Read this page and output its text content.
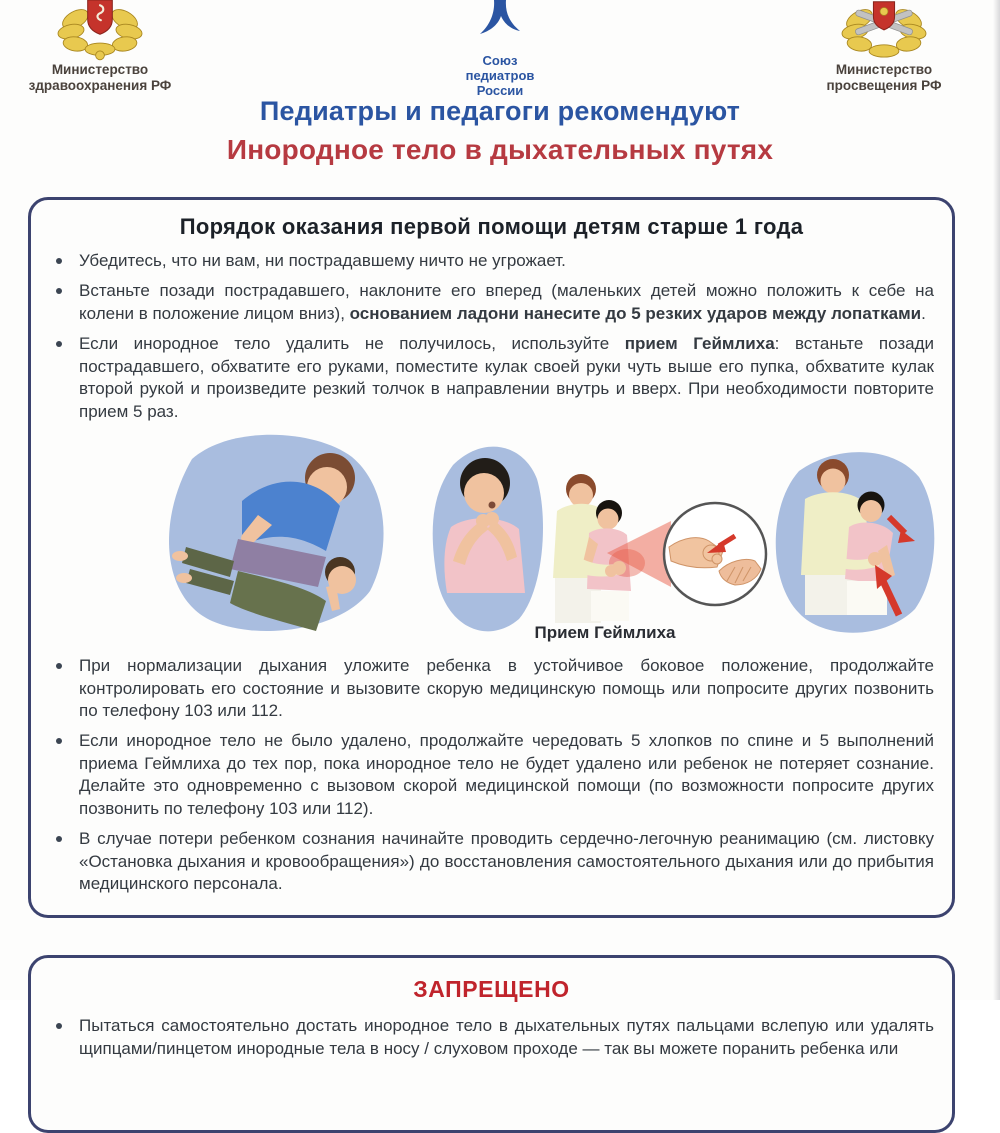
Министерство
здравоохранения РФ
Союз
педиатров
России
Министерство
просвещения РФ
Педиатры и педагоги рекомендуют
Инородное тело в дыхательных путях
Порядок оказания первой помощи детям старше 1 года
Убедитесь, что ни вам, ни пострадавшему ничто не угрожает.
Встаньте позади пострадавшего, наклоните его вперед (маленьких детей можно положить к себе на колени в положение лицом вниз), основанием ладони нанесите до 5 резких ударов между лопатками.
Если инородное тело удалить не получилось, используйте прием Геймлиха: встаньте позади пострадавшего, обхватите его руками, поместите кулак своей руки чуть выше его пупка, обхватите кулак второй рукой и произведите резкий толчок в направлении внутрь и вверх. При необходимости повторите прием 5 раз.
Прием Геймлиха
При нормализации дыхания уложите ребенка в устойчивое боковое положение, продолжайте контролировать его состояние и вызовите скорую медицинскую помощь или попросите других позвонить по телефону 103 или 112.
Если инородное тело не было удалено, продолжайте чередовать 5 хлопков по спине и 5 выполнений приема Геймлиха до тех пор, пока инородное тело не будет удалено или ребенок не потеряет сознание. Делайте это одновременно с вызовом скорой медицинской помощи (по возможности попросите других позвонить по телефону 103 или 112).
В случае потери ребенком сознания начинайте проводить сердечно-легочную реанимацию (см. листовку «Остановка дыхания и кровообращения») до восстановления самостоятельного дыхания или до прибытия медицинского персонала.
ЗАПРЕЩЕНО
Пытаться самостоятельно достать инородное тело в дыхательных путях пальцами вслепую или удалять щипцами/пинцетом инородные тела в носу / слуховом проходе — так вы можете поранить ребенка или
